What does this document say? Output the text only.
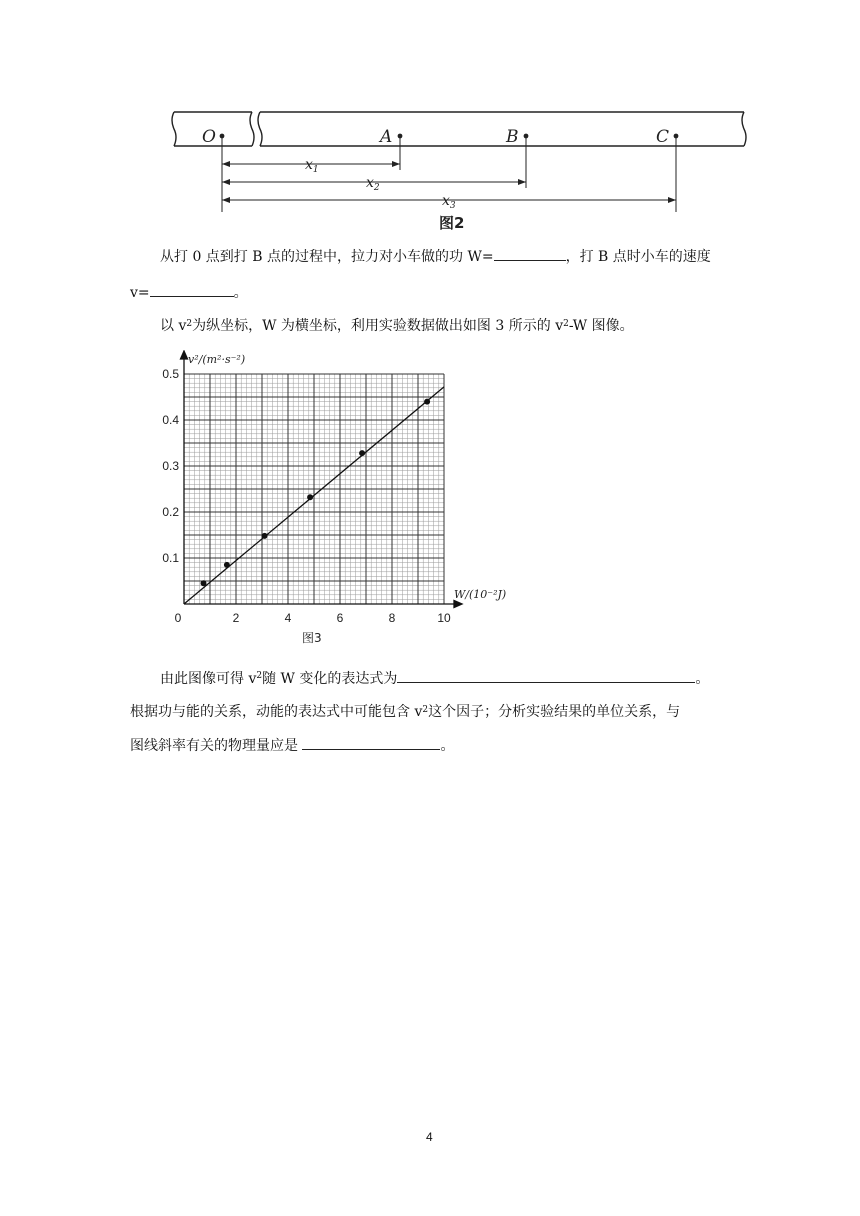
O	A	B	C
$x_1$
$x_2$
$x_3$
图2
从打 0 点到打 B 点的过程中，拉力对小车做的功 W=	，打 B 点时小车的速度
v=	。
以 $v^2$为纵坐标，W 为横坐标，利用实验数据做出如图 3 所示的 $v^2-W$ 图像。
0	2	4	6	8	10
0.1
0.2
0.3
0.4
0.5
v²/(m²·s⁻²)
W/(10⁻²J)
图3
由此图像可得 $v^2$随 W 变化的表达式为	。
根据功与能的关系，动能的表达式中可能包含 $v^2$这个因子；分析实验结果的单位关系，与
图线斜率有关的物理量应是	。
4
